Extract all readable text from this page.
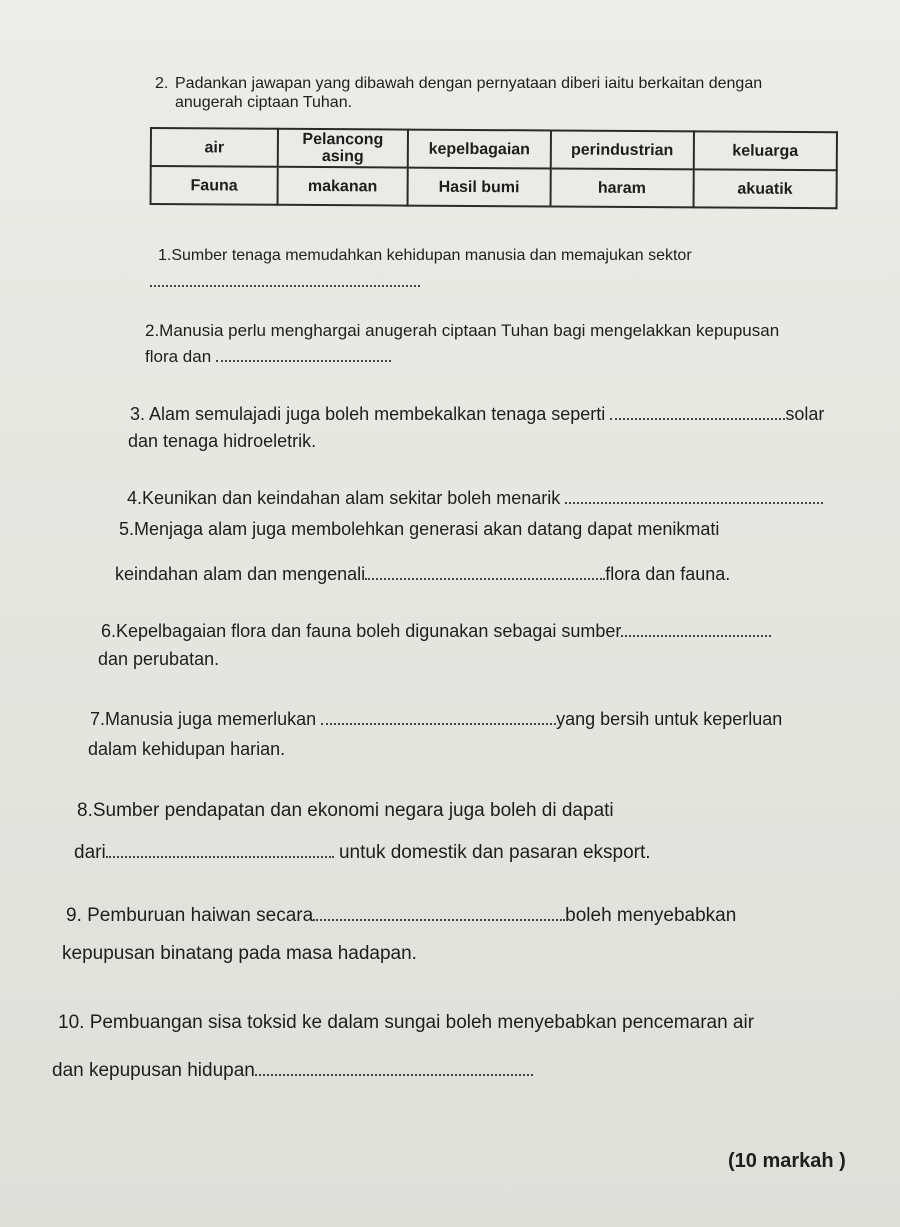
2. Padankan jawapan yang dibawah dengan pernyataan diberi iaitu berkaitan dengan anugerah ciptaan Tuhan.
air	Pelancong asing	kepelbagaian	perindustrian	keluarga
Fauna	makanan	Hasil bumi	haram	akuatik
1.Sumber tenaga memudahkan kehidupan manusia dan memajukan sektor
2.Manusia perlu menghargai anugerah ciptaan Tuhan bagi mengelakkan kepupusan
flora dan
3. Alam semulajadi juga boleh membekalkan tenaga seperti	solar
dan tenaga hidroeletrik.
4.Keunikan dan keindahan alam sekitar boleh menarik
5.Menjaga alam juga membolehkan generasi akan datang dapat menikmati
keindahan alam dan mengenali	flora dan fauna.
6.Kepelbagaian flora dan fauna boleh digunakan sebagai sumber
dan perubatan.
7.Manusia juga memerlukan	yang bersih untuk keperluan
dalam kehidupan harian.
8.Sumber pendapatan dan ekonomi negara juga boleh di dapati
dari	untuk domestik dan pasaran eksport.
9. Pemburuan haiwan secara	boleh menyebabkan
kepupusan binatang pada masa hadapan.
10. Pembuangan sisa toksid ke dalam sungai boleh menyebabkan pencemaran air
dan kepupusan hidupan
(10 markah )
